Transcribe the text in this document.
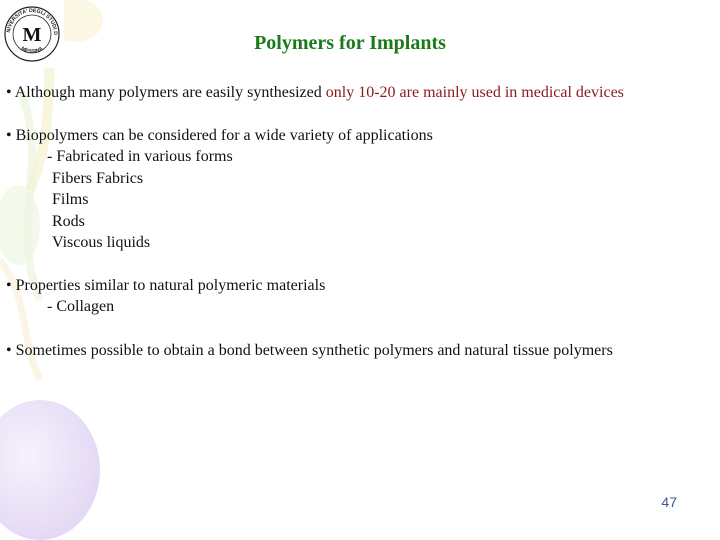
NIVERSITA' DEGLI STUDI D
MESSINA
M	Polymers for Implants

• Although many polymers are easily synthesized only 10-20 are mainly used in medical devices

• Biopolymers can be considered for a wide variety of applications

- Fabricated in various forms

Fibers Fabrics

Films

Rods

Viscous liquids

• Properties similar to natural polymeric materials

- Collagen

• Sometimes possible to obtain a bond between synthetic polymers and natural tissue polymers

47
